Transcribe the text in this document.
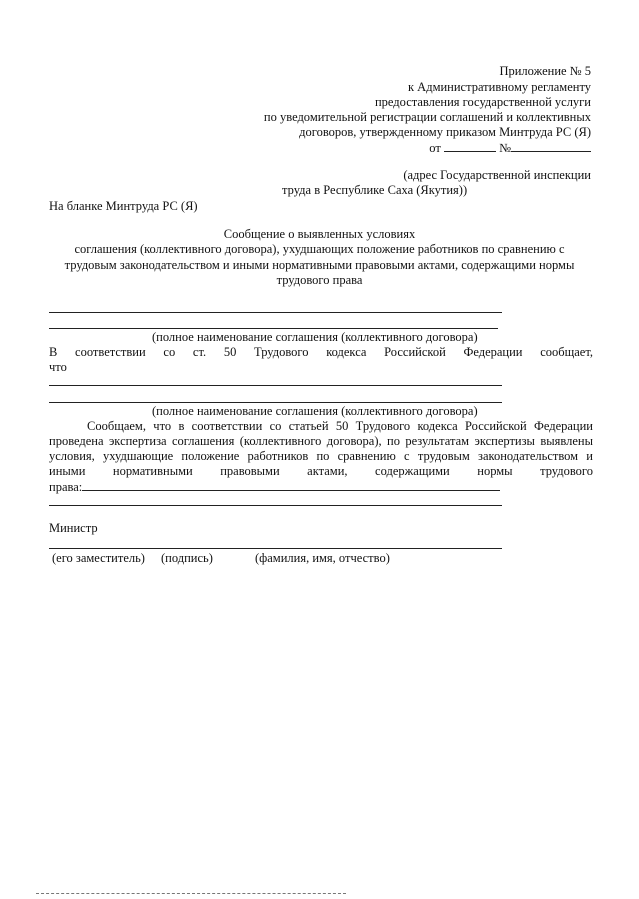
Приложение № 5
к Административному регламенту
предоставления государственной услуги
по уведомительной регистрации соглашений и коллективных
договоров, утвержденному приказом Минтруда РС (Я)
от	№
(адрес Государственной инспекции
труда в Республике Саха (Якутия))
На бланке Минтруда РС (Я)
Сообщение о выявленных условиях
соглашения (коллективного договора), ухудшающих положение работников по сравнению с
трудовым законодательством и иными нормативными правовыми актами, содержащими нормы
трудового права
(полное наименование соглашения (коллективного договора)
В соответствии со ст. 50 Трудового кодекса Российской Федерации сообщает,
что
(полное наименование соглашения (коллективного договора)
Сообщаем, что в соответствии со статьей 50 Трудового кодекса Российской Федерации
проведена экспертиза соглашения (коллективного договора), по результатам экспертизы выявлены
условия, ухудшающие положение работников по сравнению с трудовым законодательством и
иными нормативными правовыми актами, содержащими нормы трудового
права:
Министр
(его заместитель) (подпись)	(фамилия, имя, отчество)
